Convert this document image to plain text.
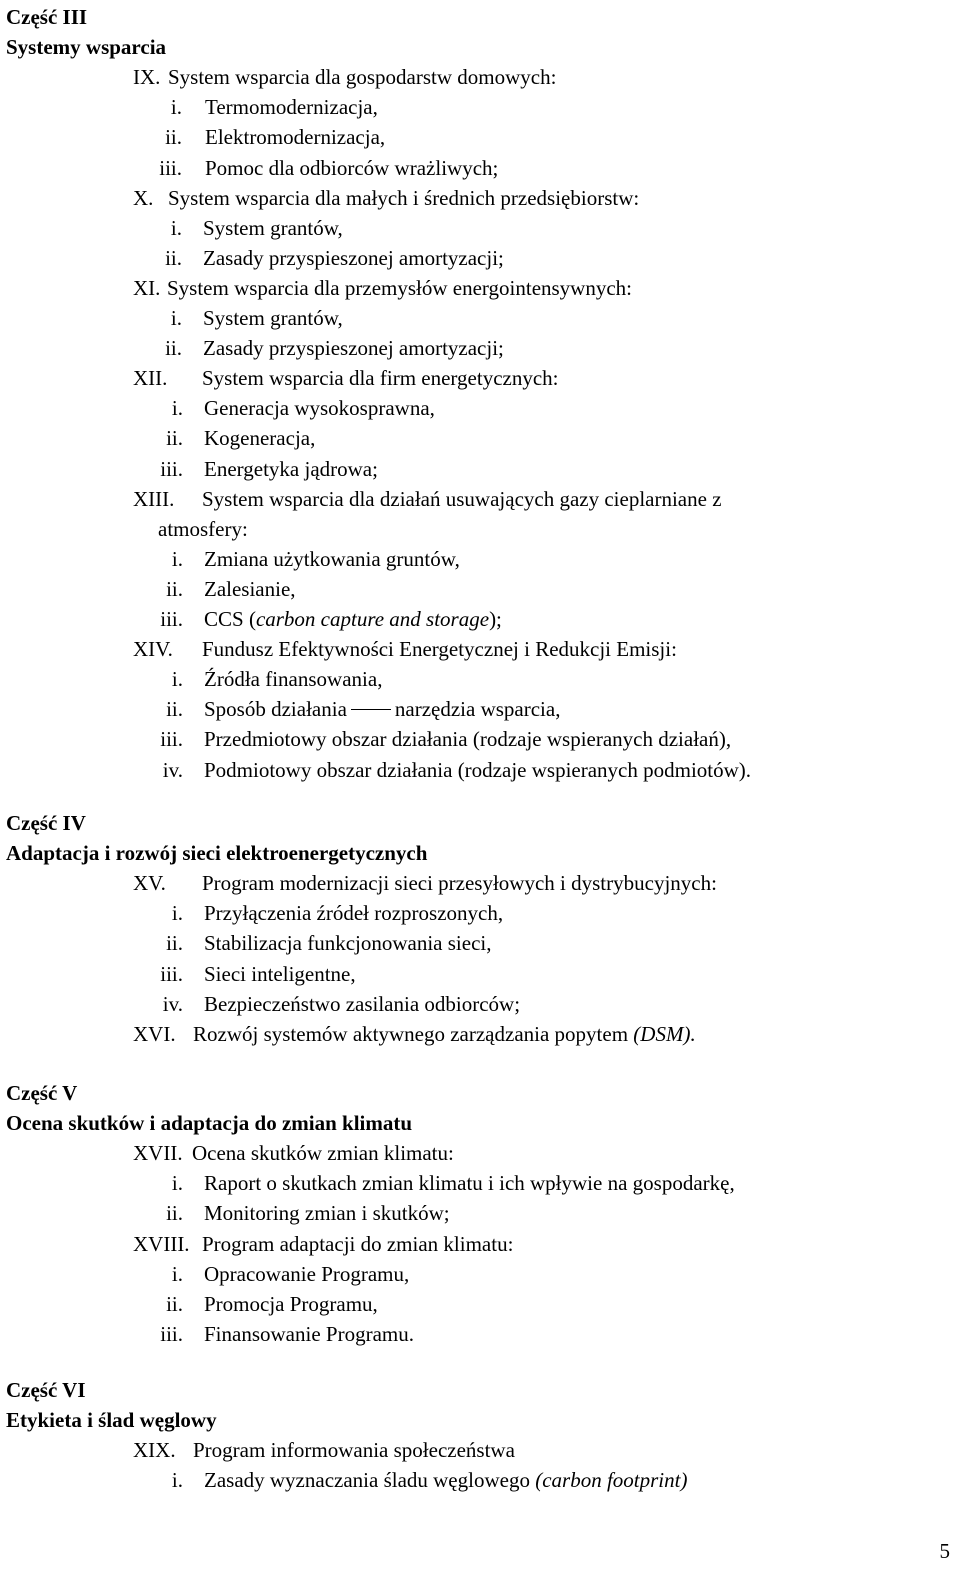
Część III
Systemy wsparcia
IX. System wsparcia dla gospodarstw domowych:
i. Termomodernizacja,
ii. Elektromodernizacja,
iii. Pomoc dla odbiorców wrażliwych;
X. System wsparcia dla małych i średnich przedsiębiorstw:
i. System grantów,
ii. Zasady przyspieszonej amortyzacji;
XI. System wsparcia dla przemysłów energointensywnych:
i. System grantów,
ii. Zasady przyspieszonej amortyzacji;
XII. System wsparcia dla firm energetycznych:
i. Generacja wysokosprawna,
ii. Kogeneracja,
iii. Energetyka jądrowa;
XIII. System wsparcia dla działań usuwających gazy cieplarniane z
atmosfery:
i. Zmiana użytkowania gruntów,
ii. Zalesianie,
iii. CCS (carbon capture and storage);
XIV. Fundusz Efektywności Energetycznej i Redukcji Emisji:
i. Źródła finansowania,
ii. Sposób działania narzędzia wsparcia,
iii. Przedmiotowy obszar działania (rodzaje wspieranych działań),
iv. Podmiotowy obszar działania (rodzaje wspieranych podmiotów).
Część IV
Adaptacja i rozwój sieci elektroenergetycznych
XV. Program modernizacji sieci przesyłowych i dystrybucyjnych:
i. Przyłączenia źródeł rozproszonych,
ii. Stabilizacja funkcjonowania sieci,
iii. Sieci inteligentne,
iv. Bezpieczeństwo zasilania odbiorców;
XVI. Rozwój systemów aktywnego zarządzania popytem (DSM).
Część V
Ocena skutków i adaptacja do zmian klimatu
XVII. Ocena skutków zmian klimatu:
i. Raport o skutkach zmian klimatu i ich wpływie na gospodarkę,
ii. Monitoring zmian i skutków;
XVIII. Program adaptacji do zmian klimatu:
i. Opracowanie Programu,
ii. Promocja Programu,
iii. Finansowanie Programu.
Część VI
Etykieta i ślad węglowy
XIX. Program informowania społeczeństwa
i. Zasady wyznaczania śladu węglowego (carbon footprint)
5
